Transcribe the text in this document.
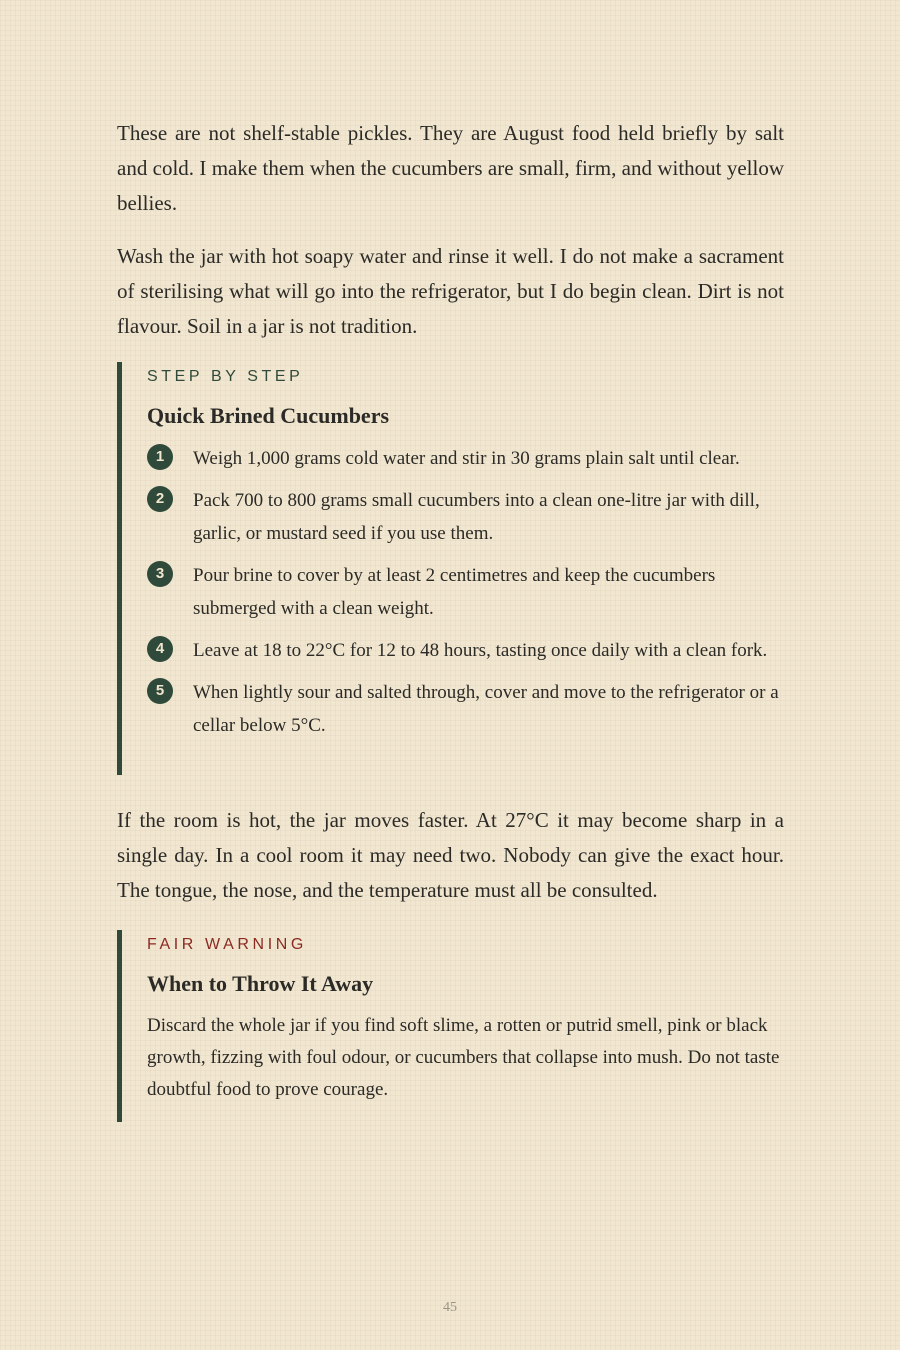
These are not shelf-stable pickles. They are August food held briefly by salt and cold. I make them when the cucumbers are small, firm, and without yellow bellies.

Wash the jar with hot soapy water and rinse it well. I do not make a sacrament of sterilising what will go into the refrigerator, but I do begin clean. Dirt is not flavour. Soil in a jar is not tradition.

STEP BY STEP
Quick Brined Cucumbers
1	Weigh 1,000 grams cold water and stir in 30 grams plain salt until clear.
2	Pack 700 to 800 grams small cucumbers into a clean one-litre jar with dill, garlic, or mustard seed if you use them.
3	Pour brine to cover by at least 2 centimetres and keep the cucumbers submerged with a clean weight.
4	Leave at 18 to 22°C for 12 to 48 hours, tasting once daily with a clean fork.
5	When lightly sour and salted through, cover and move to the refrigerator or a cellar below 5°C.

If the room is hot, the jar moves faster. At 27°C it may become sharp in a single day. In a cool room it may need two. Nobody can give the exact hour. The tongue, the nose, and the temperature must all be consulted.

FAIR WARNING
When to Throw It Away

Discard the whole jar if you find soft slime, a rotten or putrid smell, pink or black growth, fizzing with foul odour, or cucumbers that collapse into mush. Do not taste doubtful food to prove courage.

45
